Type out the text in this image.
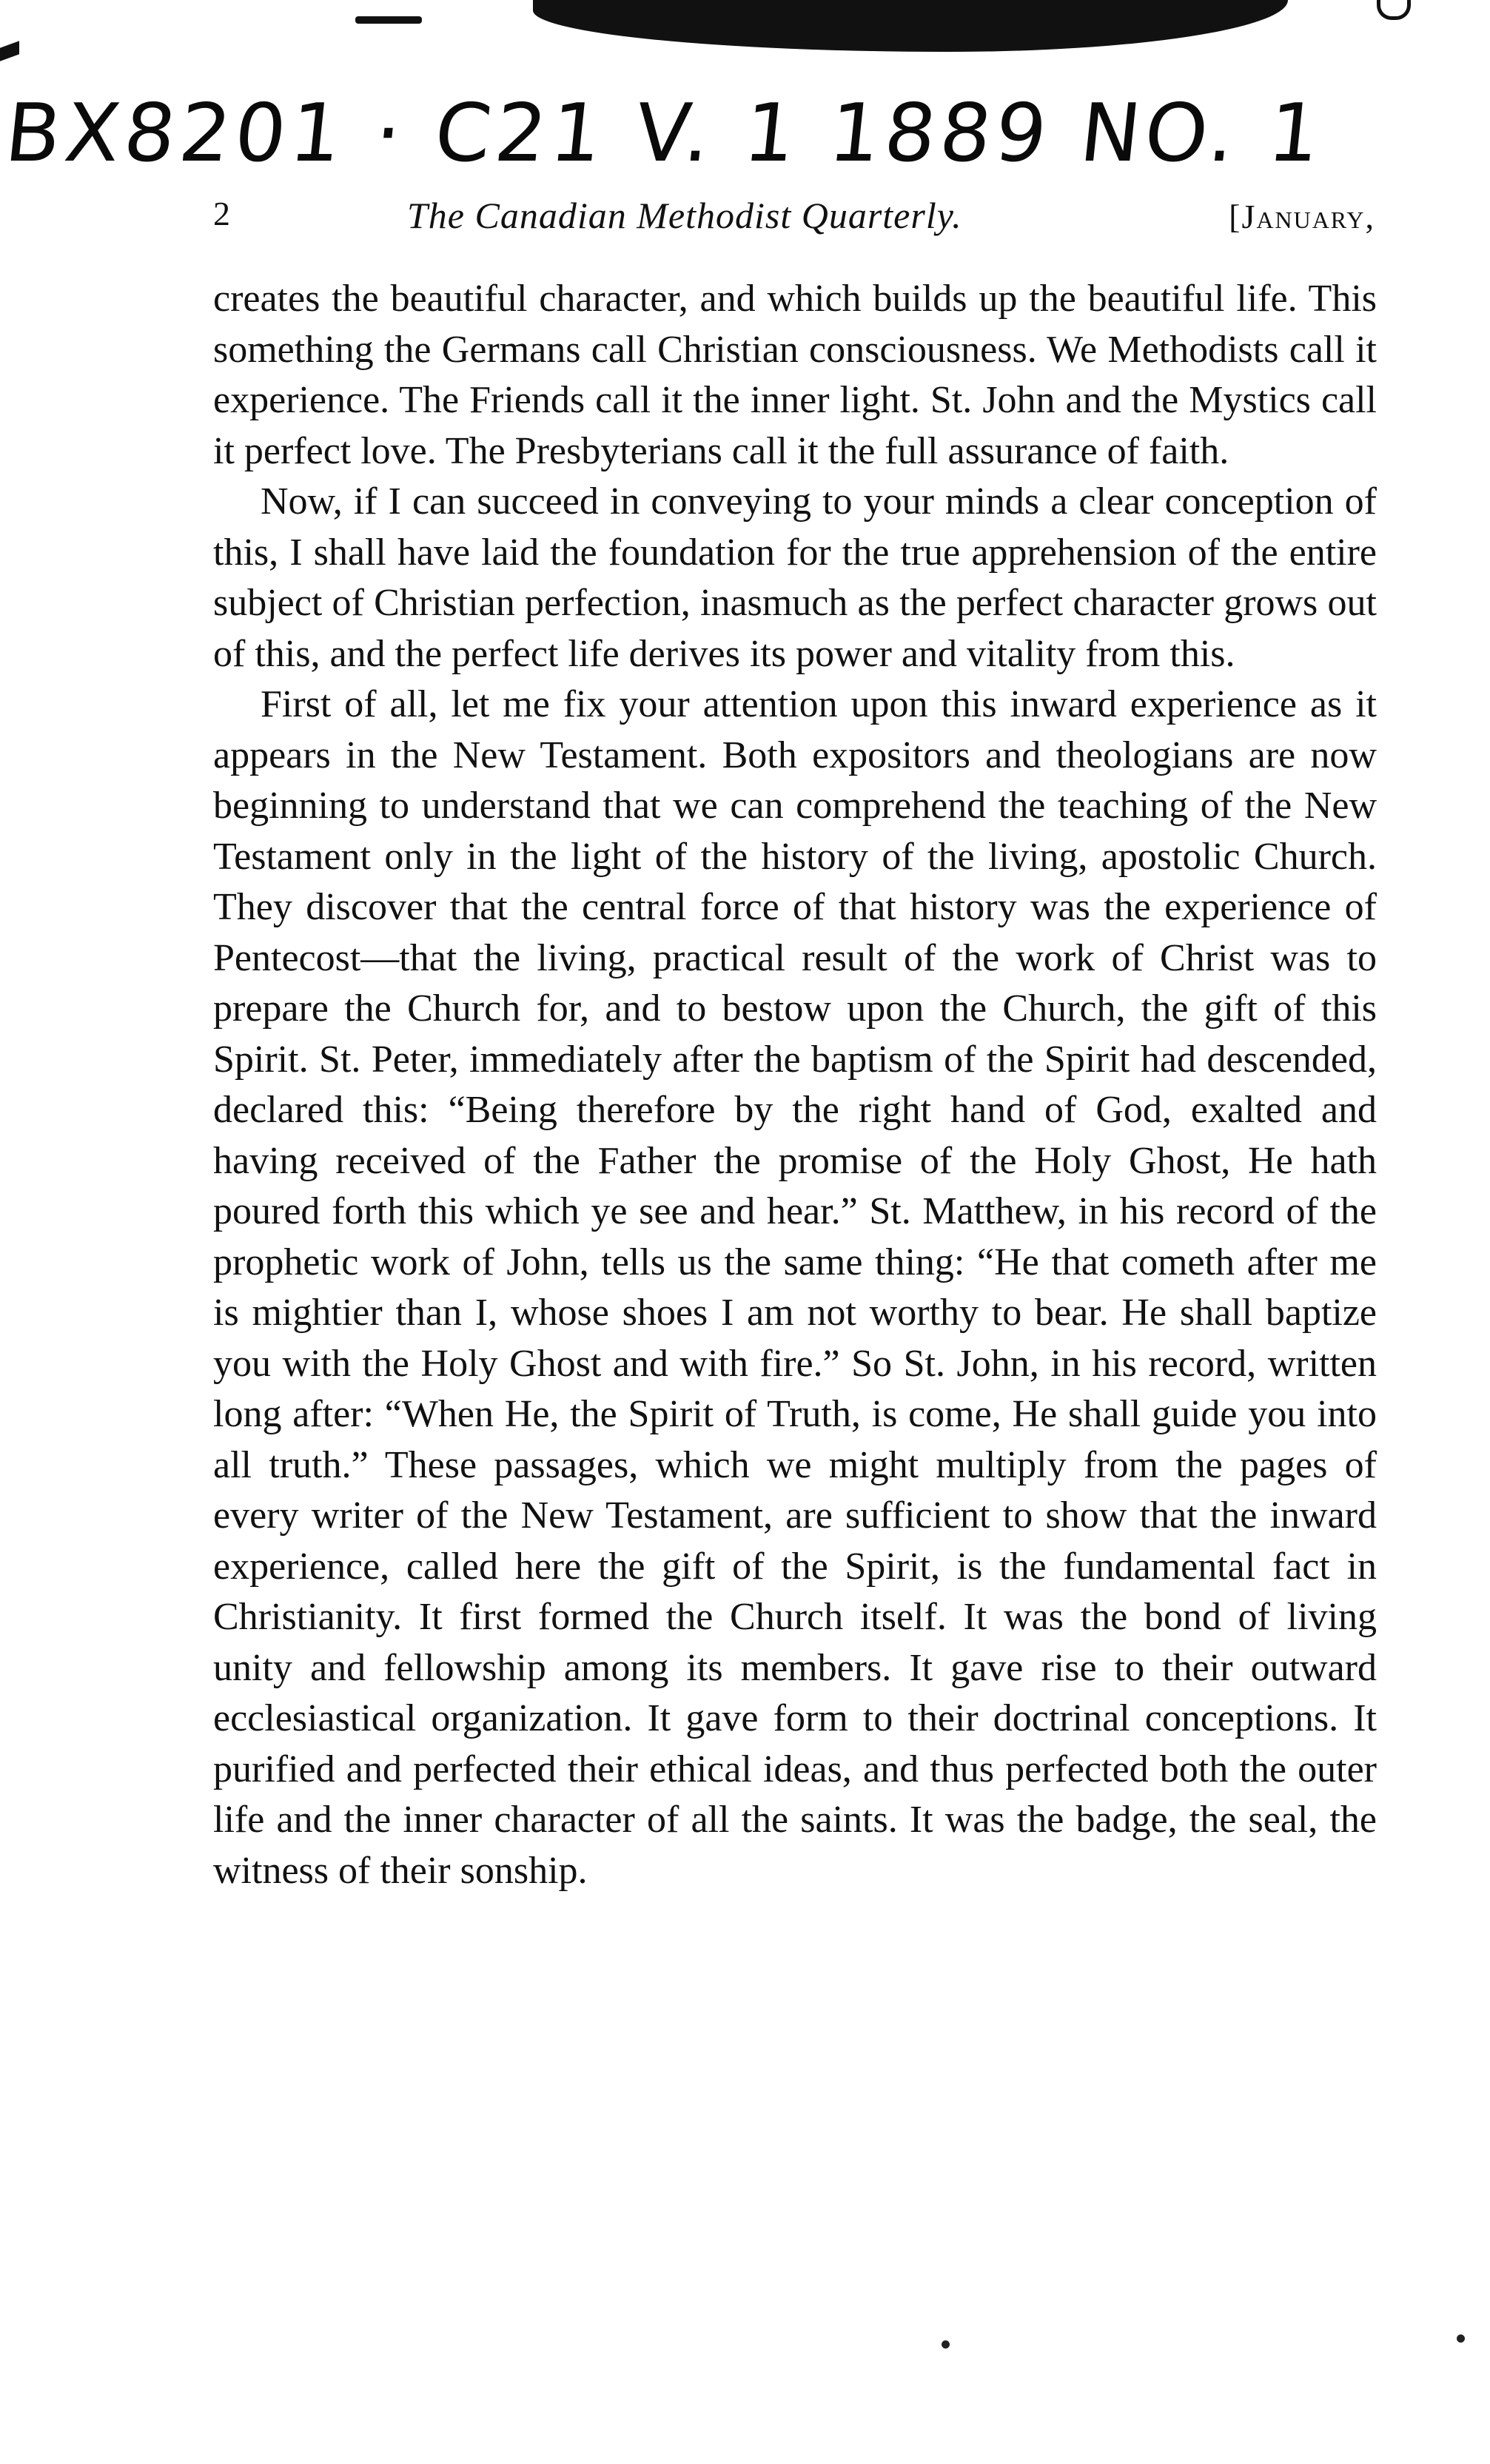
BX8201 · C21 V. 1 1889 NO. 1
2	The Canadian Methodist Quarterly.	[January,

creates the beautiful character, and which builds up the beautiful life. This something the Germans call Christian consciousness. We Methodists call it experience. The Friends call it the inner light. St. John and the Mystics call it perfect love. The Presbyterians call it the full assurance of faith.

Now, if I can succeed in conveying to your minds a clear conception of this, I shall have laid the foundation for the true apprehension of the entire subject of Christian perfection, inasmuch as the perfect character grows out of this, and the perfect life derives its power and vitality from this.

First of all, let me fix your attention upon this inward experience as it appears in the New Testament. Both expositors and theologians are now beginning to understand that we can comprehend the teaching of the New Testament only in the light of the history of the living, apostolic Church. They discover that the central force of that history was the experience of Pentecost—that the living, practical result of the work of Christ was to prepare the Church for, and to bestow upon the Church, the gift of this Spirit. St. Peter, immediately after the baptism of the Spirit had descended, declared this: “Being therefore by the right hand of God, exalted and having received of the Father the promise of the Holy Ghost, He hath poured forth this which ye see and hear.” St. Matthew, in his record of the prophetic work of John, tells us the same thing: “He that cometh after me is mightier than I, whose shoes I am not worthy to bear. He shall baptize you with the Holy Ghost and with fire.” So St. John, in his record, written long after: “When He, the Spirit of Truth, is come, He shall guide you into all truth.” These passages, which we might multiply from the pages of every writer of the New Testament, are sufficient to show that the inward experience, called here the gift of the Spirit, is the fundamental fact in Christianity. It first formed the Church itself. It was the bond of living unity and fellowship among its members. It gave rise to their outward ecclesiastical organization. It gave form to their doctrinal conceptions. It purified and perfected their ethical ideas, and thus perfected both the outer life and the inner character of all the saints. It was the badge, the seal, the witness of their sonship.
